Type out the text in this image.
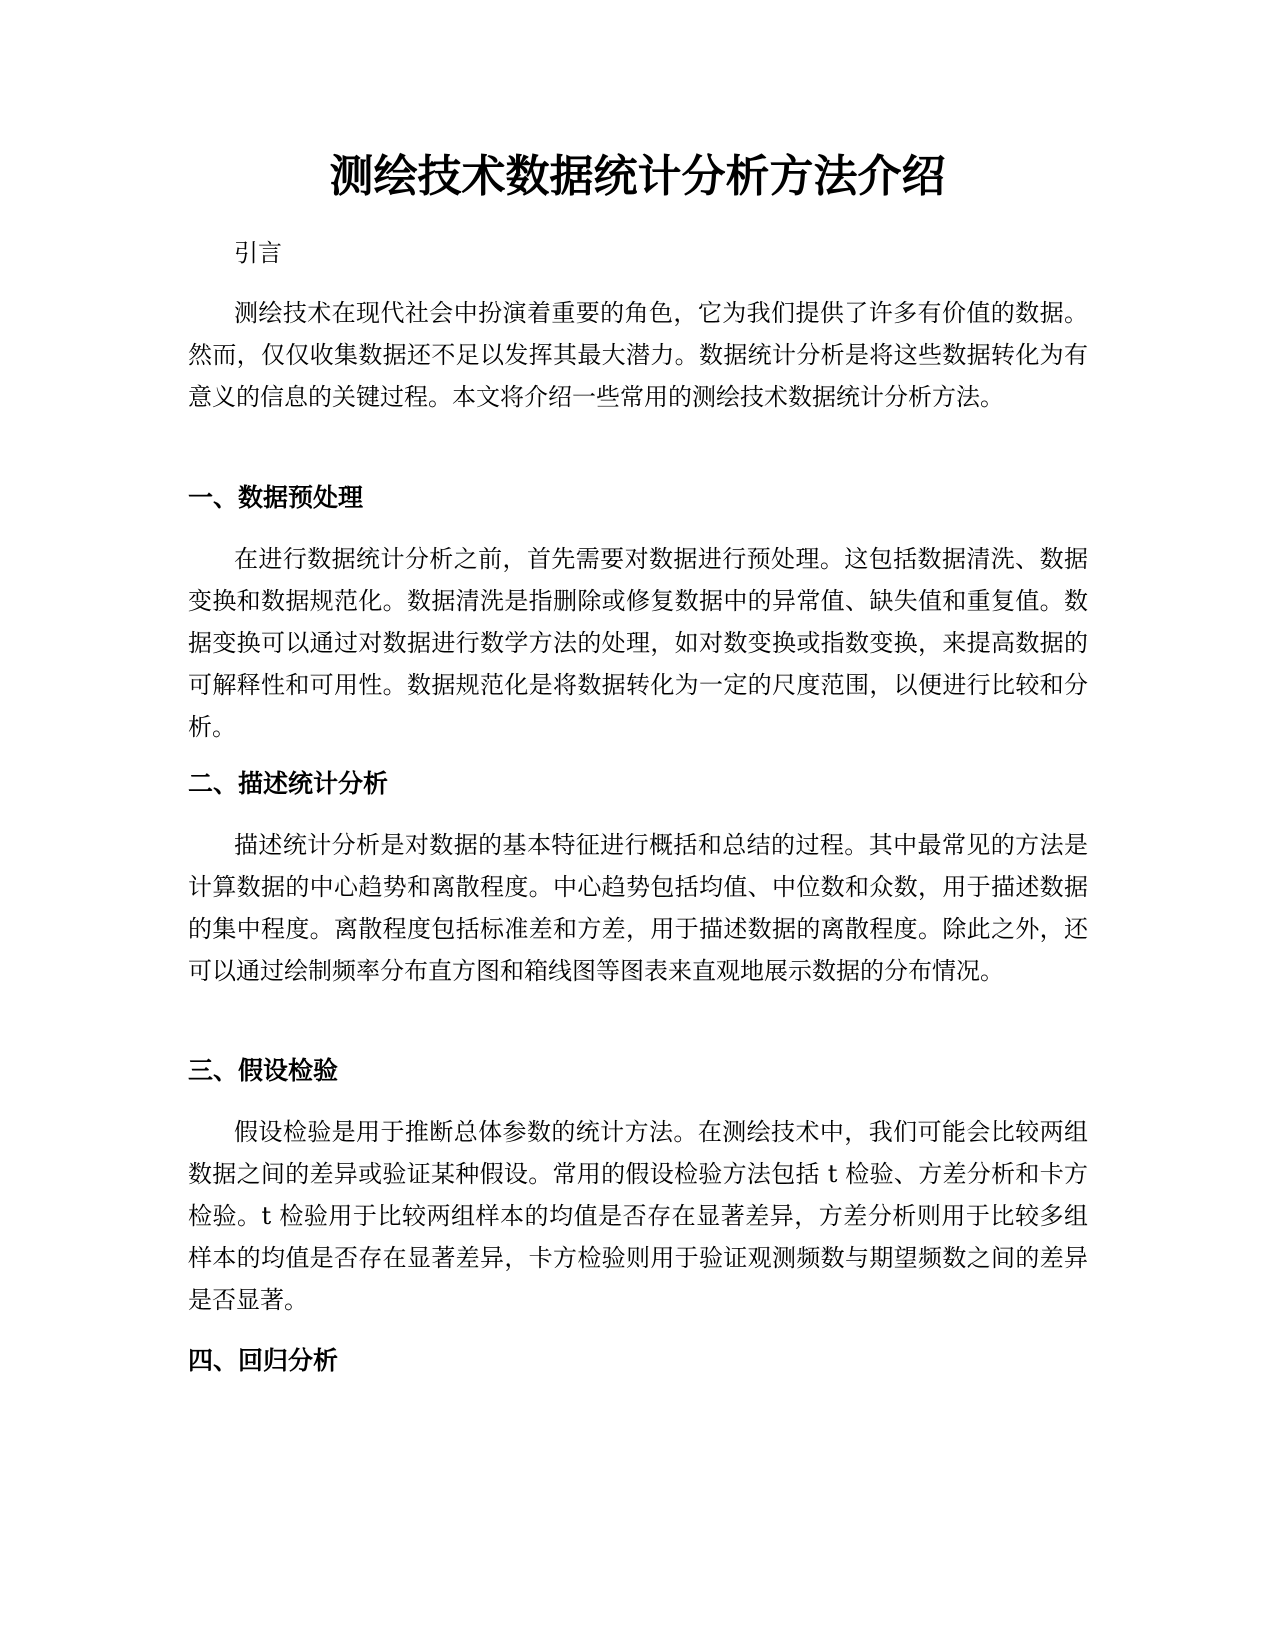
测绘技术数据统计分析方法介绍

引言

测绘技术在现代社会中扮演着重要的角色，它为我们提供了许多有价值的数据。然而，仅仅收集数据还不足以发挥其最大潜力。数据统计分析是将这些数据转化为有意义的信息的关键过程。本文将介绍一些常用的测绘技术数据统计分析方法。

一、数据预处理

在进行数据统计分析之前，首先需要对数据进行预处理。这包括数据清洗、数据变换和数据规范化。数据清洗是指删除或修复数据中的异常值、缺失值和重复值。数据变换可以通过对数据进行数学方法的处理，如对数变换或指数变换，来提高数据的可解释性和可用性。数据规范化是将数据转化为一定的尺度范围，以便进行比较和分析。

二、描述统计分析

描述统计分析是对数据的基本特征进行概括和总结的过程。其中最常见的方法是计算数据的中心趋势和离散程度。中心趋势包括均值、中位数和众数，用于描述数据的集中程度。离散程度包括标准差和方差，用于描述数据的离散程度。除此之外，还可以通过绘制频率分布直方图和箱线图等图表来直观地展示数据的分布情况。

三、假设检验

假设检验是用于推断总体参数的统计方法。在测绘技术中，我们可能会比较两组数据之间的差异或验证某种假设。常用的假设检验方法包括 t 检验、方差分析和卡方检验。t 检验用于比较两组样本的均值是否存在显著差异，方差分析则用于比较多组样本的均值是否存在显著差异，卡方检验则用于验证观测频数与期望频数之间的差异是否显著。

四、回归分析
